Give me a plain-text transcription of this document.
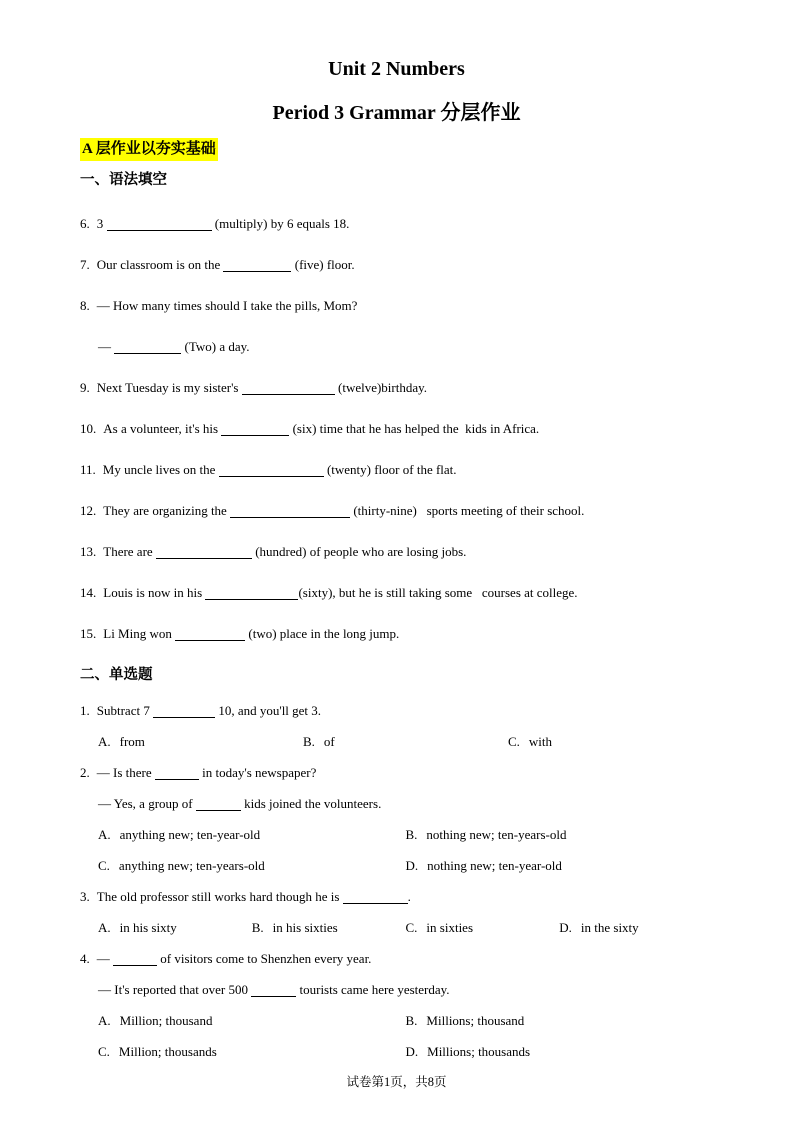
Unit 2 Numbers
Period 3 Grammar 分层作业
A 层作业以夯实基础
一、语法填空
6. 3	(multiply) by 6 equals 18.
7. Our classroom is on the	(five) floor.
8. — How many times should I take the pills, Mom?
—	(Two) a day.
9. Next Tuesday is my sister's	(twelve)birthday.
10. As a volunteer, it's his	(six) time that he has helped the  kids in Africa.
11. My uncle lives on the	(twenty) floor of the flat.
12. They are organizing the	(thirty-nine)   sports meeting of their school.
13. There are	(hundred) of people who are losing jobs.
14. Louis is now in his	(sixty), but he is still taking some   courses at college.
15. Li Ming won	(two) place in the long jump.
二、单选题
1. Subtract 7	10, and you'll get 3.
A. from	B. of	C. with
2. — Is there	in today's newspaper?
— Yes, a group of	kids joined the volunteers.
A. anything new; ten-year-old	B. nothing new; ten-years-old
C. anything new; ten-years-old	D. nothing new; ten-year-old
3. The old professor still works hard though he is	.
A. in his sixty	B. in his sixties	C. in sixties	D. in the sixty
4. —	of visitors come to Shenzhen every year.
— It's reported that over 500	tourists came here yesterday.
A. Million; thousand	B. Millions; thousand
C. Million; thousands	D. Millions; thousands
试卷第1页，共8页
